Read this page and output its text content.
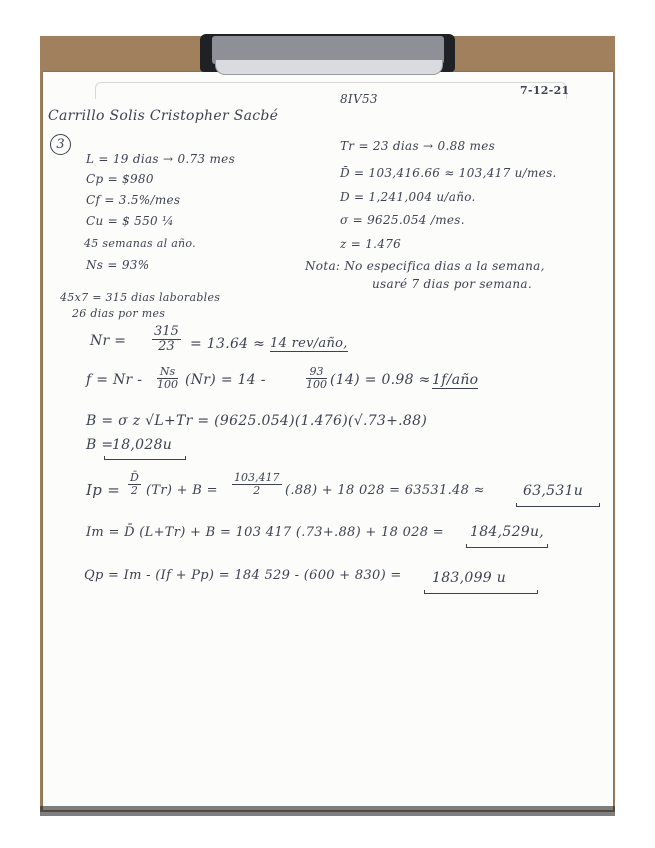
Carrillo Solis Cristopher Sacbé
8IV53
7-12-21
3
L = 19 dias → 0.73 mes
Cp = $980
Cf = 3.5%/mes
Cu = $ 550 ¼
45 semanas al año.
Ns = 93%
Tr = 23 dias → 0.88 mes
D̄ = 103,416.66 ≈ 103,417 u/mes.
D = 1,241,004 u/año.
σ = 9625.054 /mes.
z = 1.476
Nota: No especifica dias a la semana,
usaré 7 dias por semana.
45x7 = 315 dias laborables
26 dias por mes
$Nr = \frac{315}{23} = 13.64 \approx 14$ rev/año,
$f = Nr - \frac{Ns}{100} (Nr) = 14$ -	$\frac{93}{100} (14) = 0.98$ ≈ 1f/año
B = σ z √L+Tr = (9625.054)(1.476)(√.73+.88)
B =
18,028u
$Ip = \frac{D̄}{2} (Tr) + B = \frac{103,417}{2} (.88) + 18$ 028 = 63531.48 ≈	63,531u
Im = D̄ (L+Tr) + B = 103 417 (.73+.88) + 18 028 = 184,529u,
Qp = Im - (If + Pp) = 184 529 - (600 + 830) = 183,099 u
